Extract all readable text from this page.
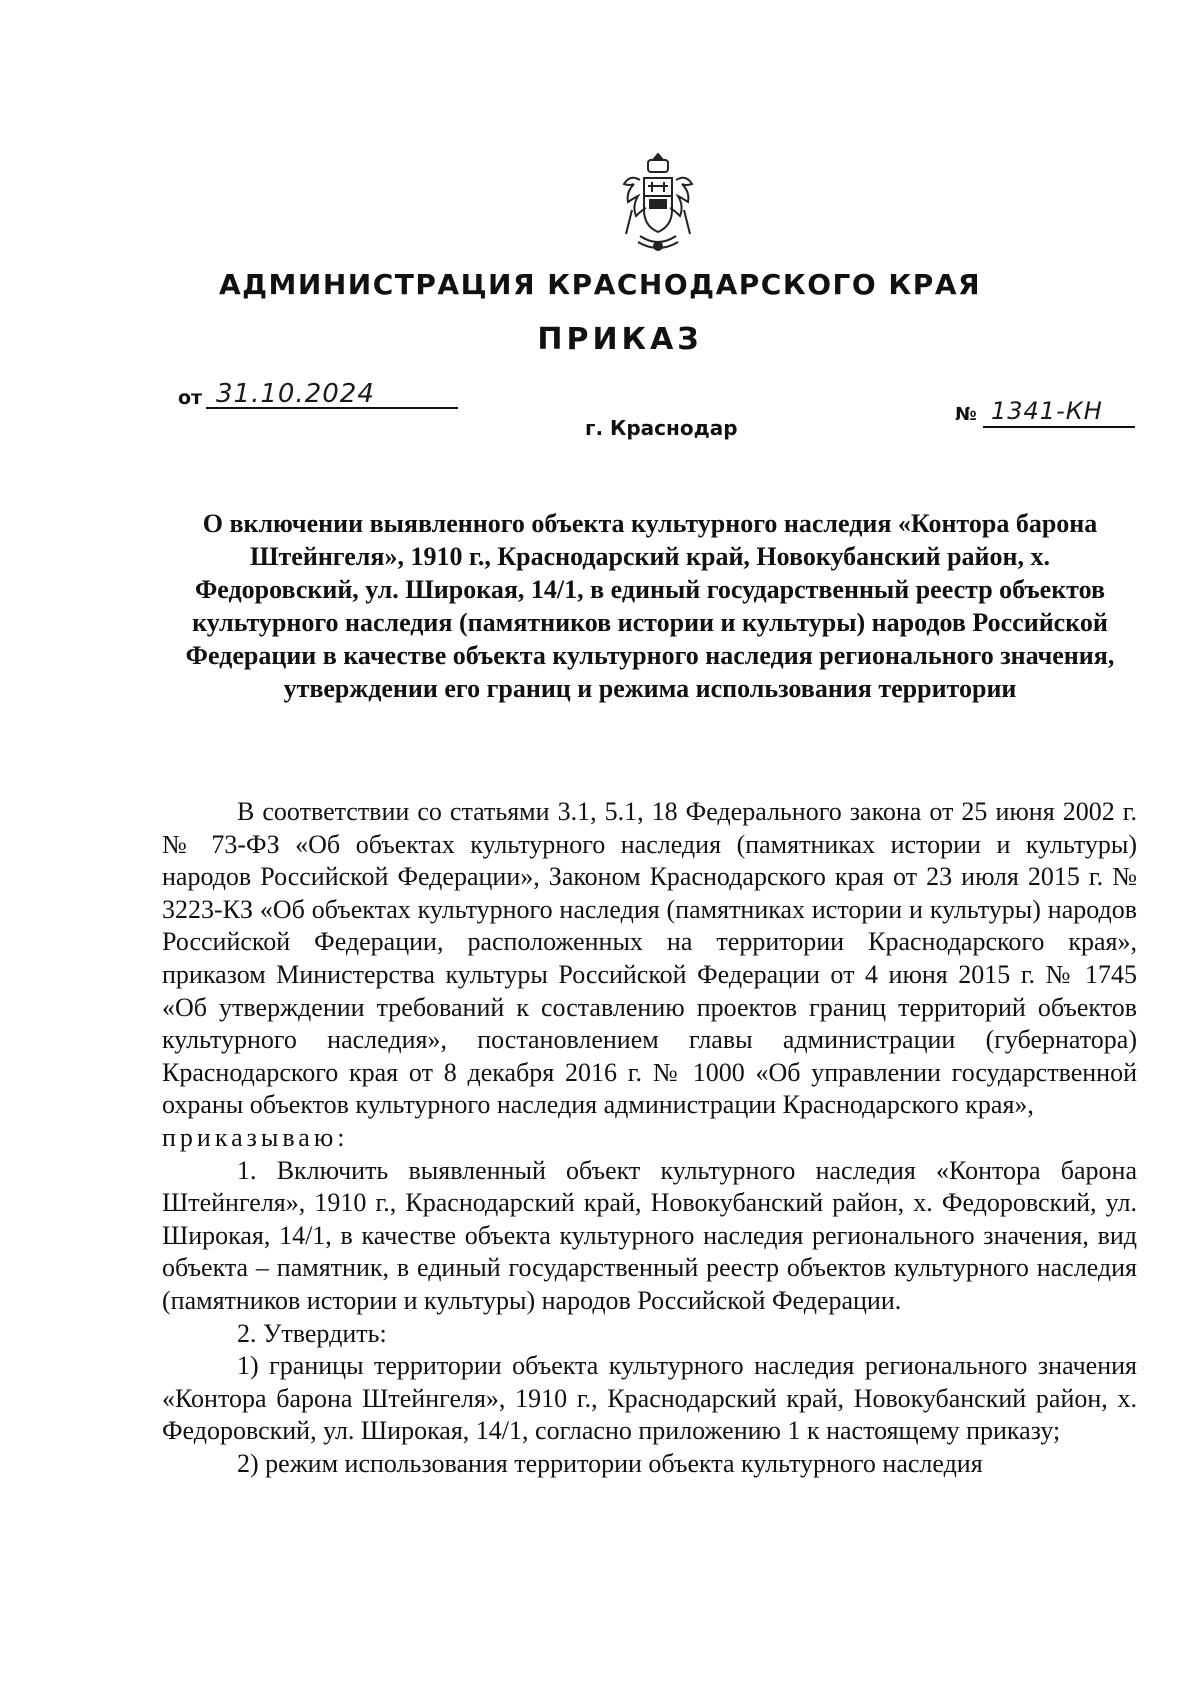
АДМИНИСТРАЦИЯ КРАСНОДАРСКОГО КРАЯ
ПРИКАЗ
от 31.10.2024
г. Краснодар
№ 1341-КН
О включении выявленного объекта культурного наследия «Контора барона Штейнгеля», 1910 г., Краснодарский край, Новокубанский район, х. Федоровский, ул. Широкая, 14/1, в единый государственный реестр объектов культурного наследия (памятников истории и культуры) народов Российской Федерации в качестве объекта культурного наследия регионального значения, утверждении его границ и режима использования территории

В соответствии со статьями 3.1, 5.1, 18 Федерального закона от 25 июня 2002 г. № 73-ФЗ «Об объектах культурного наследия (памятниках истории и культуры) народов Российской Федерации», Законом Краснодарского края от 23 июля 2015 г. № 3223-КЗ «Об объектах культурного наследия (памятниках истории и культуры) народов Российской Федерации, расположенных на территории Краснодарского края», приказом Министерства культуры Российской Федерации от 4 июня 2015 г. № 1745 «Об утверждении требований к составлению проектов границ территорий объектов культурного наследия», постановлением главы администрации (губернатора) Краснодарского края от 8 декабря 2016 г. № 1000 «Об управлении государственной охраны объектов культурного наследия администрации Краснодарского края»,

приказываю:

1. Включить выявленный объект культурного наследия «Контора барона Штейнгеля», 1910 г., Краснодарский край, Новокубанский район, х. Федоровский, ул. Широкая, 14/1, в качестве объекта культурного наследия регионального значения, вид объекта – памятник, в единый государственный реестр объектов культурного наследия (памятников истории и культуры) народов Российской Федерации.

2. Утвердить:

1) границы территории объекта культурного наследия регионального значения «Контора барона Штейнгеля», 1910 г., Краснодарский край, Новокубанский район, х. Федоровский, ул. Широкая, 14/1, согласно приложению 1 к настоящему приказу;

2) режим использования территории объекта культурного наследия
